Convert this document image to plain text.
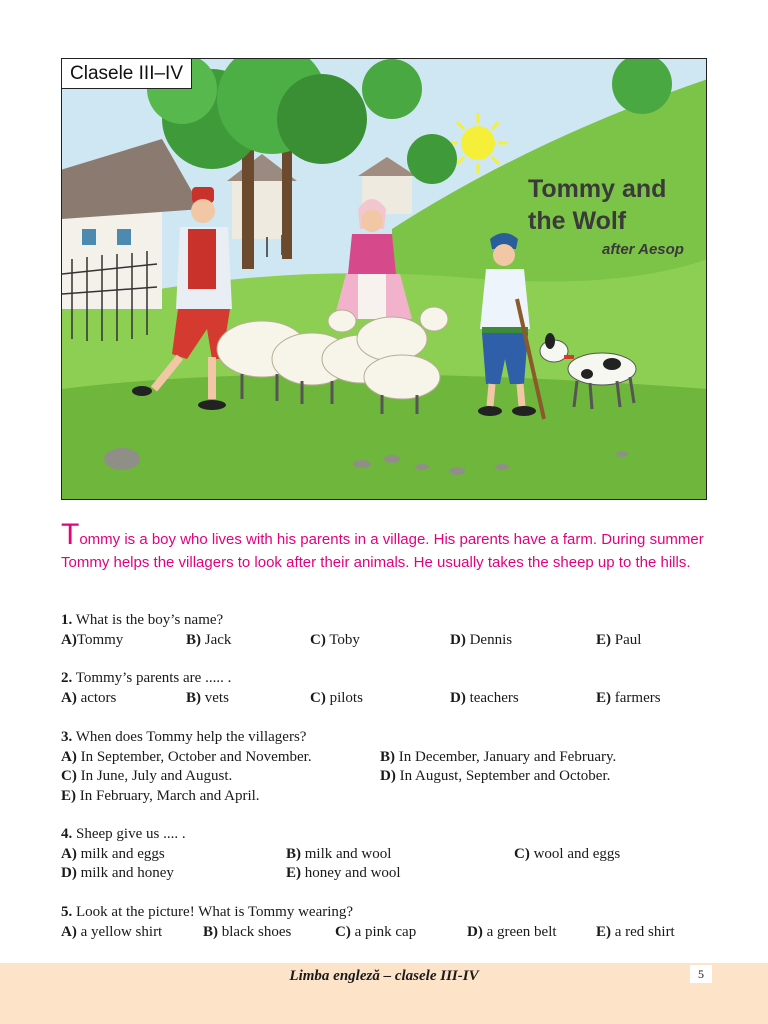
Clasele III–IV
Tommy and
the Wolf
after Aesop
Tommy is a boy who lives with his parents in a village. His parents have a farm. During summer Tommy helps the villagers to look after their animals. He usually takes the sheep up to the hills.
1. What is the boy’s name?
A)Tommy	B) Jack	C) Toby	D) Dennis	E) Paul
2. Tommy’s parents are ..... .
A) actors	B) vets	C) pilots	D) teachers	E) farmers
3. When does Tommy help the villagers?
A) In September, October and November.	B) In December, January and February.
C) In June, July and August.	D) In August, September and October.
E) In February, March and April.
4. Sheep give us .... .
A) milk and eggs	B) milk and wool	C) wool and eggs
D) milk and honey	E) honey and wool
5. Look at the picture! What is Tommy wearing?
A) a yellow shirt	B) black shoes	C) a pink cap	D) a green belt	E) a red shirt
Limba engleză – clasele III-IV	5
